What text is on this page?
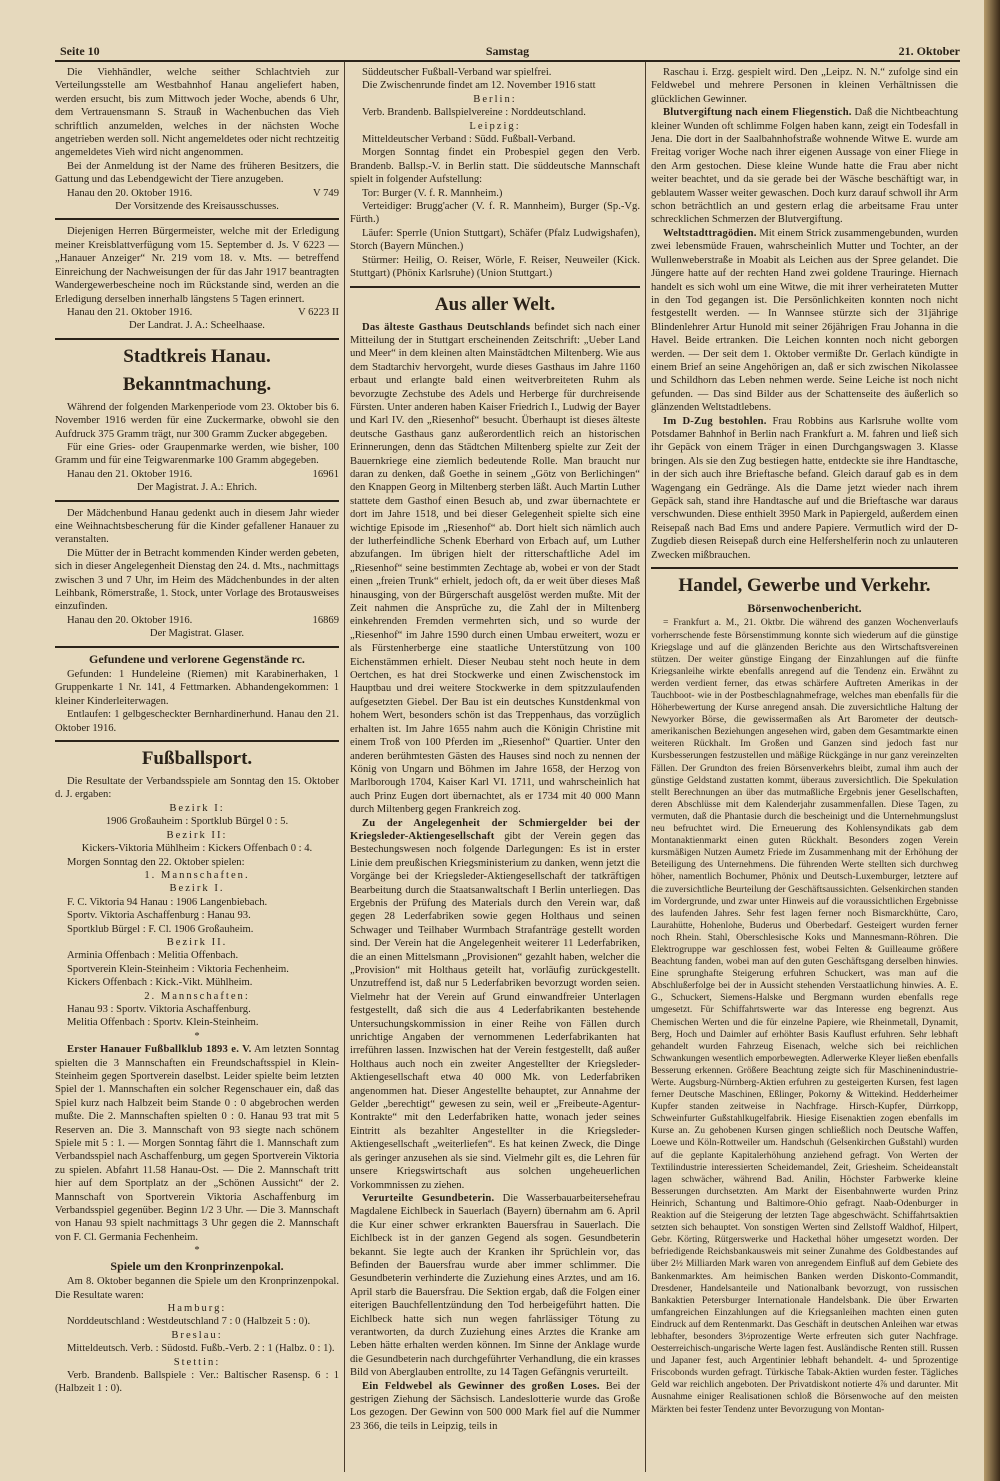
Seite 10	Samstag	21. Oktober

Die Viehhändler, welche seither Schlachtvieh zur Verteilungsstelle am Westbahnhof Hanau angeliefert haben, werden ersucht, bis zum Mittwoch jeder Woche, abends 6 Uhr, dem Vertrauensmann S. Strauß in Wachenbuchen das Vieh schriftlich anzumelden, welches in der nächsten Woche angetrieben werden soll. Nicht angemeldetes oder nicht rechtzeitig angemeldetes Vieh wird nicht angenommen.

Bei der Anmeldung ist der Name des früheren Besitzers, die Gattung und das Lebendgewicht der Tiere anzugeben.

Hanau den 20. Oktober 1916.	V 749

Der Vorsitzende des Kreisausschusses.

Diejenigen Herren Bürgermeister, welche mit der Erledigung meiner Kreisblattverfügung vom 15. September d. Js. V 6223 — „Hanauer Anzeiger“ Nr. 219 vom 18. v. Mts. — betreffend Einreichung der Nachweisungen der für das Jahr 1917 beantragten Wandergewerbescheine noch im Rückstande sind, werden an die Erledigung derselben innerhalb längstens 5 Tagen erinnert.

Hanau den 21. Oktober 1916.	V 6223 II

Der Landrat. J. A.: Scheelhaase.

Stadtkreis Hanau.
Bekanntmachung.

Während der folgenden Markenperiode vom 23. Oktober bis 6. November 1916 werden für eine Zuckermarke, obwohl sie den Aufdruck 375 Gramm trägt, nur 300 Gramm Zucker abgegeben.

Für eine Gries- oder Graupenmarke werden, wie bisher, 100 Gramm und für eine Teigwarenmarke 100 Gramm abgegeben.

Hanau den 21. Oktober 1916.	16961

Der Magistrat. J. A.: Ehrich.

Der Mädchenbund Hanau gedenkt auch in diesem Jahr wieder eine Weihnachtsbescherung für die Kinder gefallener Hanauer zu veranstalten.

Die Mütter der in Betracht kommenden Kinder werden gebeten, sich in dieser Angelegenheit Dienstag den 24. d. Mts., nachmittags zwischen 3 und 7 Uhr, im Heim des Mädchenbundes in der alten Leihbank, Römerstraße, 1. Stock, unter Vorlage des Brotausweises einzufinden.

Hanau den 20. Oktober 1916.	16869

Der Magistrat. Glaser.

Gefundene und verlorene Gegenstände rc.

Gefunden: 1 Hundeleine (Riemen) mit Karabinerhaken, 1 Gruppenkarte 1 Nr. 141, 4 Fettmarken. Abhandengekommen: 1 kleiner Kinderleiterwagen.

Entlaufen: 1 gelbgescheckter Bernhardinerhund. Hanau den 21. Oktober 1916.

Fußballsport.

Die Resultate der Verbandsspiele am Sonntag den 15. Oktober d. J. ergaben:

Bezirk I:

1906 Großauheim : Sportklub Bürgel 0 : 5.

Bezirk II:

Kickers-Viktoria Mühlheim : Kickers Offenbach 0 : 4.

Morgen Sonntag den 22. Oktober spielen:

1. Mannschaften.

Bezirk I.

F. C. Viktoria 94 Hanau : 1906 Langenbiebach.

Sportv. Viktoria Aschaffenburg : Hanau 93.

Sportklub Bürgel : F. Cl. 1906 Großauheim.

Bezirk II.

Arminia Offenbach : Melitia Offenbach.

Sportverein Klein-Steinheim : Viktoria Fechenheim.

Kickers Offenbach : Kick.-Vikt. Mühlheim.

2. Mannschaften:

Hanau 93 : Sportv. Viktoria Aschaffenburg.

Melitia Offenbach : Sportv. Klein-Steinheim.

*

Erster Hanauer Fußballklub 1893 e. V. Am letzten Sonntag spielten die 3 Mannschaften ein Freundschaftsspiel in Klein-Steinheim gegen Sportverein daselbst. Leider spielte beim letzten Spiel der 1. Mannschaften ein solcher Regenschauer ein, daß das Spiel kurz nach Halbzeit beim Stande 0 : 0 abgebrochen werden mußte. Die 2. Mannschaften spielten 0 : 0. Hanau 93 trat mit 5 Reserven an. Die 3. Mannschaft von 93 siegte nach schönem Spiele mit 5 : 1. — Morgen Sonntag fährt die 1. Mannschaft zum Verbandsspiel nach Aschaffenburg, um gegen Sportverein Viktoria zu spielen. Abfahrt 11.58 Hanau-Ost. — Die 2. Mannschaft tritt hier auf dem Sportplatz an der „Schönen Aussicht“ der 2. Mannschaft von Sportverein Viktoria Aschaffenburg im Verbandsspiel gegenüber. Beginn 1/2 3 Uhr. — Die 3. Mannschaft von Hanau 93 spielt nachmittags 3 Uhr gegen die 2. Mannschaft von F. Cl. Germania Fechenheim.

*

Spiele um den Kronprinzenpokal.

Am 8. Oktober begannen die Spiele um den Kronprinzenpokal. Die Resultate waren:

Hamburg:

Norddeutschland : Westdeutschland 7 : 0 (Halbzeit 5 : 0).

Breslau:

Mitteldeutsch. Verb. : Südostd. Fußb.-Verb. 2 : 1 (Halbz. 0 : 1).

Stettin:

Verb. Brandenb. Ballspiele : Ver.: Baltischer Rasensp. 6 : 1 (Halbzeit 1 : 0).

Süddeutscher Fußball-Verband war spielfrei.

Die Zwischenrunde findet am 12. November 1916 statt

Berlin:

Verb. Brandenb. Ballspielvereine : Norddeutschland.

Leipzig:

Mitteldeutscher Verband : Südd. Fußball-Verband.

Morgen Sonntag findet ein Probespiel gegen den Verb. Brandenb. Ballsp.-V. in Berlin statt. Die süddeutsche Mannschaft spielt in folgender Aufstellung:

Tor: Burger (V. f. R. Mannheim.)

Verteidiger: Brugg'acher (V. f. R. Mannheim), Burger (Sp.-Vg. Fürth.)

Läufer: Sperrle (Union Stuttgart), Schäfer (Pfalz Ludwigshafen), Storch (Bayern München.)

Stürmer: Heilig, O. Reiser, Wörle, F. Reiser, Neuweiler (Kick. Stuttgart) (Phönix Karlsruhe) (Union Stuttgart.)

Aus aller Welt.

Das älteste Gasthaus Deutschlands befindet sich nach einer Mitteilung der in Stuttgart erscheinenden Zeitschrift: „Ueber Land und Meer“ in dem kleinen alten Mainstädtchen Miltenberg. Wie aus dem Stadtarchiv hervorgeht, wurde dieses Gasthaus im Jahre 1160 erbaut und erlangte bald einen weitverbreiteten Ruhm als bevorzugte Zechstube des Adels und Herberge für durchreisende Fürsten. Unter anderen haben Kaiser Friedrich I., Ludwig der Bayer und Karl IV. den „Riesenhof“ besucht. Überhaupt ist dieses älteste deutsche Gasthaus ganz außerordentlich reich an historischen Erinnerungen, denn das Städtchen Miltenberg spielte zur Zeit der Bauernkriege eine ziemlich bedeutende Rolle. Man braucht nur daran zu denken, daß Goethe in seinem „Götz von Berlichingen“ den Knappen Georg in Miltenberg sterben läßt. Auch Martin Luther stattete dem Gasthof einen Besuch ab, und zwar übernachtete er dort im Jahre 1518, und bei dieser Gelegenheit spielte sich eine wichtige Episode im „Riesenhof“ ab. Dort hielt sich nämlich auch der lutherfeindliche Schenk Eberhard von Erbach auf, um Luther abzufangen. Im übrigen hielt der ritterschaftliche Adel im „Riesenhof“ seine bestimmten Zechtage ab, wobei er von der Stadt einen „freien Trunk“ erhielt, jedoch oft, da er weit über dieses Maß hinausging, von der Bürgerschaft ausgelöst werden mußte. Mit der Zeit nahmen die Ansprüche zu, die Zahl der in Miltenberg einkehrenden Fremden vermehrten sich, und so wurde der „Riesenhof“ im Jahre 1590 durch einen Umbau erweitert, wozu er als Fürstenherberge eine staatliche Unterstützung von 100 Eichenstämmen erhielt. Dieser Neubau steht noch heute in dem Oertchen, es hat drei Stockwerke und einen Zwischenstock im Hauptbau und drei weitere Stockwerke in dem spitzzulaufenden aufgesetzten Giebel. Der Bau ist ein deutsches Kunstdenkmal von hohem Wert, besonders schön ist das Treppenhaus, das vorzüglich erhalten ist. Im Jahre 1655 nahm auch die Königin Christine mit einem Troß von 100 Pferden im „Riesenhof“ Quartier. Unter den anderen berühmtesten Gästen des Hauses sind noch zu nennen der König von Ungarn und Böhmen im Jahre 1658, der Herzog von Marlborough 1704, Kaiser Karl VI. 1711, und wahrscheinlich hat auch Prinz Eugen dort übernachtet, als er 1734 mit 40 000 Mann durch Miltenberg gegen Frankreich zog.

Zu der Angelegenheit der Schmiergelder bei der Kriegsleder-Aktiengesellschaft gibt der Verein gegen das Bestechungswesen noch folgende Darlegungen: Es ist in erster Linie dem preußischen Kriegsministerium zu danken, wenn jetzt die Vorgänge bei der Kriegsleder-Aktiengesellschaft der tatkräftigen Bearbeitung durch die Staatsanwaltschaft I Berlin unterliegen. Das Ergebnis der Prüfung des Materials durch den Verein war, daß gegen 28 Lederfabriken sowie gegen Holthaus und seinen Schwager und Teilhaber Wurmbach Strafanträge gestellt worden sind. Der Verein hat die Angelegenheit weiterer 11 Lederfabriken, die an einen Mittelsmann „Provisionen“ gezahlt haben, welcher die „Provision“ mit Holthaus geteilt hat, vorläufig zurückgestellt. Unzutreffend ist, daß nur 5 Lederfabriken bevorzugt worden seien. Vielmehr hat der Verein auf Grund einwandfreier Unterlagen festgestellt, daß sich die aus 4 Lederfabrikanten bestehende Untersuchungskommission in einer Reihe von Fällen durch unrichtige Angaben der vernommenen Lederfabrikanten hat irreführen lassen. Inzwischen hat der Verein festgestellt, daß außer Holthaus auch noch ein zweiter Angestellter der Kriegsleder-Aktiengesellschaft etwa 40 000 Mk. von Lederfabriken angenommen hat. Dieser Angestellte behauptet, zur Annahme der Gelder „berechtigt“ gewesen zu sein, weil er „Freibeute-Agentur-Kontrakte“ mit den Lederfabriken hatte, wonach jeder seines Eintritt als bezahlter Angestellter in die Kriegsleder-Aktiengesellschaft „weiterliefen“. Es hat keinen Zweck, die Dinge als geringer anzusehen als sie sind. Vielmehr gilt es, die Lehren für unsere Kriegswirtschaft aus solchen ungeheuerlichen Vorkommnissen zu ziehen.

Verurteilte Gesundbeterin. Die Wasserbauarbeitersehefrau Magdalene Eichlbeck in Sauerlach (Bayern) übernahm am 6. April die Kur einer schwer erkrankten Bauersfrau in Sauerlach. Die Eichlbeck ist in der ganzen Gegend als sogen. Gesundbeterin bekannt. Sie legte auch der Kranken ihr Sprüchlein vor, das Befinden der Bauersfrau wurde aber immer schlimmer. Die Gesundbeterin verhinderte die Zuziehung eines Arztes, und am 16. April starb die Bauersfrau. Die Sektion ergab, daß die Folgen einer eiterigen Bauchfellentzündung den Tod herbeigeführt hatten. Die Eichlbeck hatte sich nun wegen fahrlässiger Tötung zu verantworten, da durch Zuziehung eines Arztes die Kranke am Leben hätte erhalten werden können. Im Sinne der Anklage wurde die Gesundbeterin nach durchgeführter Verhandlung, die ein krasses Bild von Aberglauben entrollte, zu 14 Tagen Gefängnis verurteilt.

Ein Feldwebel als Gewinner des großen Loses. Bei der gestrigen Ziehung der Sächsisch. Landeslotterie wurde das Große Los gezogen. Der Gewinn von 500 000 Mark fiel auf die Nummer 23 366, die teils in Leipzig, teils in

Raschau i. Erzg. gespielt wird. Den „Leipz. N. N.“ zufolge sind ein Feldwebel und mehrere Personen in kleinen Verhältnissen die glücklichen Gewinner.

Blutvergiftung nach einem Fliegenstich. Daß die Nichtbeachtung kleiner Wunden oft schlimme Folgen haben kann, zeigt ein Todesfall in Jena. Die dort in der Saalbahnhofstraße wohnende Witwe E. wurde am Freitag voriger Woche nach ihrer eigenen Aussage von einer Fliege in den Arm gestochen. Diese kleine Wunde hatte die Frau aber nicht weiter beachtet, und da sie gerade bei der Wäsche beschäftigt war, in geblautem Wasser weiter gewaschen. Doch kurz darauf schwoll ihr Arm schon beträchtlich an und gestern erlag die arbeitsame Frau unter schrecklichen Schmerzen der Blutvergiftung.

Weltstadttragödien. Mit einem Strick zusammengebunden, wurden zwei lebensmüde Frauen, wahrscheinlich Mutter und Tochter, an der Wullenweberstraße in Moabit als Leichen aus der Spree gelandet. Die Jüngere hatte auf der rechten Hand zwei goldene Trauringe. Hiernach handelt es sich wohl um eine Witwe, die mit ihrer verheirateten Mutter in den Tod gegangen ist. Die Persönlichkeiten konnten noch nicht festgestellt werden. — In Wannsee stürzte sich der 31jährige Blindenlehrer Artur Hunold mit seiner 26jährigen Frau Johanna in die Havel. Beide ertranken. Die Leichen konnten noch nicht geborgen werden. — Der seit dem 1. Oktober vermißte Dr. Gerlach kündigte in einem Brief an seine Angehörigen an, daß er sich zwischen Nikolassee und Schildhorn das Leben nehmen werde. Seine Leiche ist noch nicht gefunden. — Das sind Bilder aus der Schattenseite des äußerlich so glänzenden Weltstadtlebens.

Im D-Zug bestohlen. Frau Robbins aus Karlsruhe wollte vom Potsdamer Bahnhof in Berlin nach Frankfurt a. M. fahren und ließ sich ihr Gepäck von einem Träger in einen Durchgangswagen 3. Klasse bringen. Als sie den Zug bestiegen hatte, entdeckte sie ihre Handtasche, in der sich auch ihre Brieftasche befand. Gleich darauf gab es in dem Wagengang ein Gedränge. Als die Dame jetzt wieder nach ihrem Gepäck sah, stand ihre Handtasche auf und die Brieftasche war daraus verschwunden. Diese enthielt 3950 Mark in Papiergeld, außerdem einen Reisepaß nach Bad Ems und andere Papiere. Vermutlich wird der D-Zugdieb diesen Reisepaß durch eine Helfershelferin noch zu unlauteren Zwecken mißbrauchen.

Handel, Gewerbe und Verkehr.
Börsenwochenbericht.

= Frankfurt a. M., 21. Oktbr. Die während des ganzen Wochenverlaufs vorherrschende feste Börsenstimmung konnte sich wiederum auf die günstige Kriegslage und auf die glänzenden Berichte aus den Wirtschaftsvereinen stützen. Der weiter günstige Eingang der Einzahlungen auf die fünfte Kriegsanleihe wirkte ebenfalls anregend auf die Tendenz ein. Erwähnt zu werden verdient ferner, das etwas schärfere Auftreten Amerikas in der Tauchboot- wie in der Postbeschlagnahmefrage, welches man ebenfalls für die Höherbewertung der Kurse anregend ansah. Die zuversichtliche Haltung der Newyorker Börse, die gewissermaßen als Art Barometer der deutsch-amerikanischen Beziehungen angesehen wird, gaben dem Gesamtmarkte einen weiteren Rückhalt. Im Großen und Ganzen sind jedoch fast nur Kursbesserungen festzustellen und mäßige Rückgänge in nur ganz vereinzelten Fällen. Der Grundton des freien Börsenverkehrs bleibt, zumal ihm auch der günstige Geldstand zustatten kommt, überaus zuversichtlich. Die Spekulation stellt Berechnungen an über das mutmaßliche Ergebnis jener Gesellschaften, deren Abschlüsse mit dem Kalenderjahr zusammenfallen. Diese Tagen, zu vermuten, daß die Phantasie durch die bescheinigt und die Unternehmungslust neu befruchtet wird. Die Erneuerung des Kohlensyndikats gab dem Montanaktienmarkt einen guten Rückhalt. Besonders zogen Verein kursmäßigen Nutzen Aumetz Friede im Zusammenhang mit der Erhöhung der Beteiligung des Unternehmens. Die führenden Werte stellten sich durchweg höher, namentlich Bochumer, Phönix und Deutsch-Luxemburger, letztere auf die zuversichtliche Beurteilung der Geschäftsaussichten. Gelsenkirchen standen im Vordergrunde, und zwar unter Hinweis auf die voraussichtlichen Ergebnisse des laufenden Jahres. Sehr fest lagen ferner noch Bismarckhütte, Caro, Laurahütte, Hohenlohe, Buderus und Oberbedarf. Gesteigert wurden ferner noch Rhein. Stahl, Oberschlesische Koks und Mannesmann-Röhren. Die Elektrogruppe war geschlossen fest, wobei Felten & Guilleaume größere Beachtung fanden, wobei man auf den guten Geschäftsgang derselben hinwies. Eine sprunghafte Steigerung erfuhren Schuckert, was man auf die Abschlußerfolge bei der in Aussicht stehenden Verstaatlichung hinwies. A. E. G., Schuckert, Siemens-Halske und Bergmann wurden ebenfalls rege umgesetzt. Für Schiffahrtswerte war das Interesse eng begrenzt. Aus Chemischen Werten und die für einzelne Papiere, wie Rheinmetall, Dynamit, Berg, Hoch und Daimler auf erhöhter Basis Kauflust erfuhren. Sehr lebhaft gehandelt wurden Fahrzeug Eisenach, welche sich bei reichlichen Schwankungen wesentlich emporbewegten. Adlerwerke Kleyer ließen ebenfalls Besserung erkennen. Größere Beachtung zeigte sich für Maschinenindustrie-Werte. Augsburg-Nürnberg-Aktien erfuhren zu gesteigerten Kursen, fest lagen ferner Deutsche Maschinen, Eßlinger, Pokorny & Wittekind. Hedderheimer Kupfer standen zeitweise in Nachfrage. Hirsch-Kupfer, Dürrkopp, Schweinfurter Gußstahlkugelfabrik. Hiesige Eisenaktien zogen ebenfalls im Kurse an. Zu gehobenen Kursen gingen schließlich noch Deutsche Waffen, Loewe und Köln-Rottweiler um. Handschuh (Gelsenkirchen Gußstahl) wurden auf die geplante Kapitalerhöhung anziehend gefragt. Von Werten der Textilindustrie interessierten Scheidemandel, Zeit, Griesheim. Scheideanstalt lagen schwächer, während Bad. Anilin, Höchster Farbwerke kleine Besserungen durchsetzten. Am Markt der Eisenbahnwerte wurden Prinz Heinrich, Schantung und Baltimore-Ohio gefragt. Naab-Odenburger in Reaktion auf die Steigerung der letzten Tage abgeschwächt. Schiffahrtsaktien setzten sich behauptet. Von sonstigen Werten sind Zellstoff Waldhof, Hilpert, Gebr. Körting, Rütgerswerke und Hackethal höher umgesetzt worden. Der befriedigende Reichsbankausweis mit seiner Zunahme des Goldbestandes auf über 2½ Milliarden Mark waren von anregendem Einfluß auf dem Gebiete des Bankenmarktes. Am heimischen Banken werden Diskonto-Commandit, Dresdener, Handelsanteile und Nationalbank bevorzugt, von russischen Bankaktien Petersburger Internationale Handelsbank. Die über Erwarten umfangreichen Einzahlungen auf die Kriegsanleihen machten einen guten Eindruck auf dem Rentenmarkt. Das Geschäft in deutschen Anleihen war etwas lebhafter, besonders 3½prozentige Werte erfreuten sich guter Nachfrage. Oesterreichisch-ungarische Werte lagen fest. Ausländische Renten still. Russen und Japaner fest, auch Argentinier lebhaft behandelt. 4- und 5prozentige Friscobonds wurden gefragt. Türkische Tabak-Aktien wurden fester. Tägliches Geld war reichlich angeboten. Der Privatdiskont notierte 4⅞ und darunter. Mit Ausnahme einiger Realisationen schloß die Börsenwoche auf den meisten Märkten bei fester Tendenz unter Bevorzugung von Montan-
